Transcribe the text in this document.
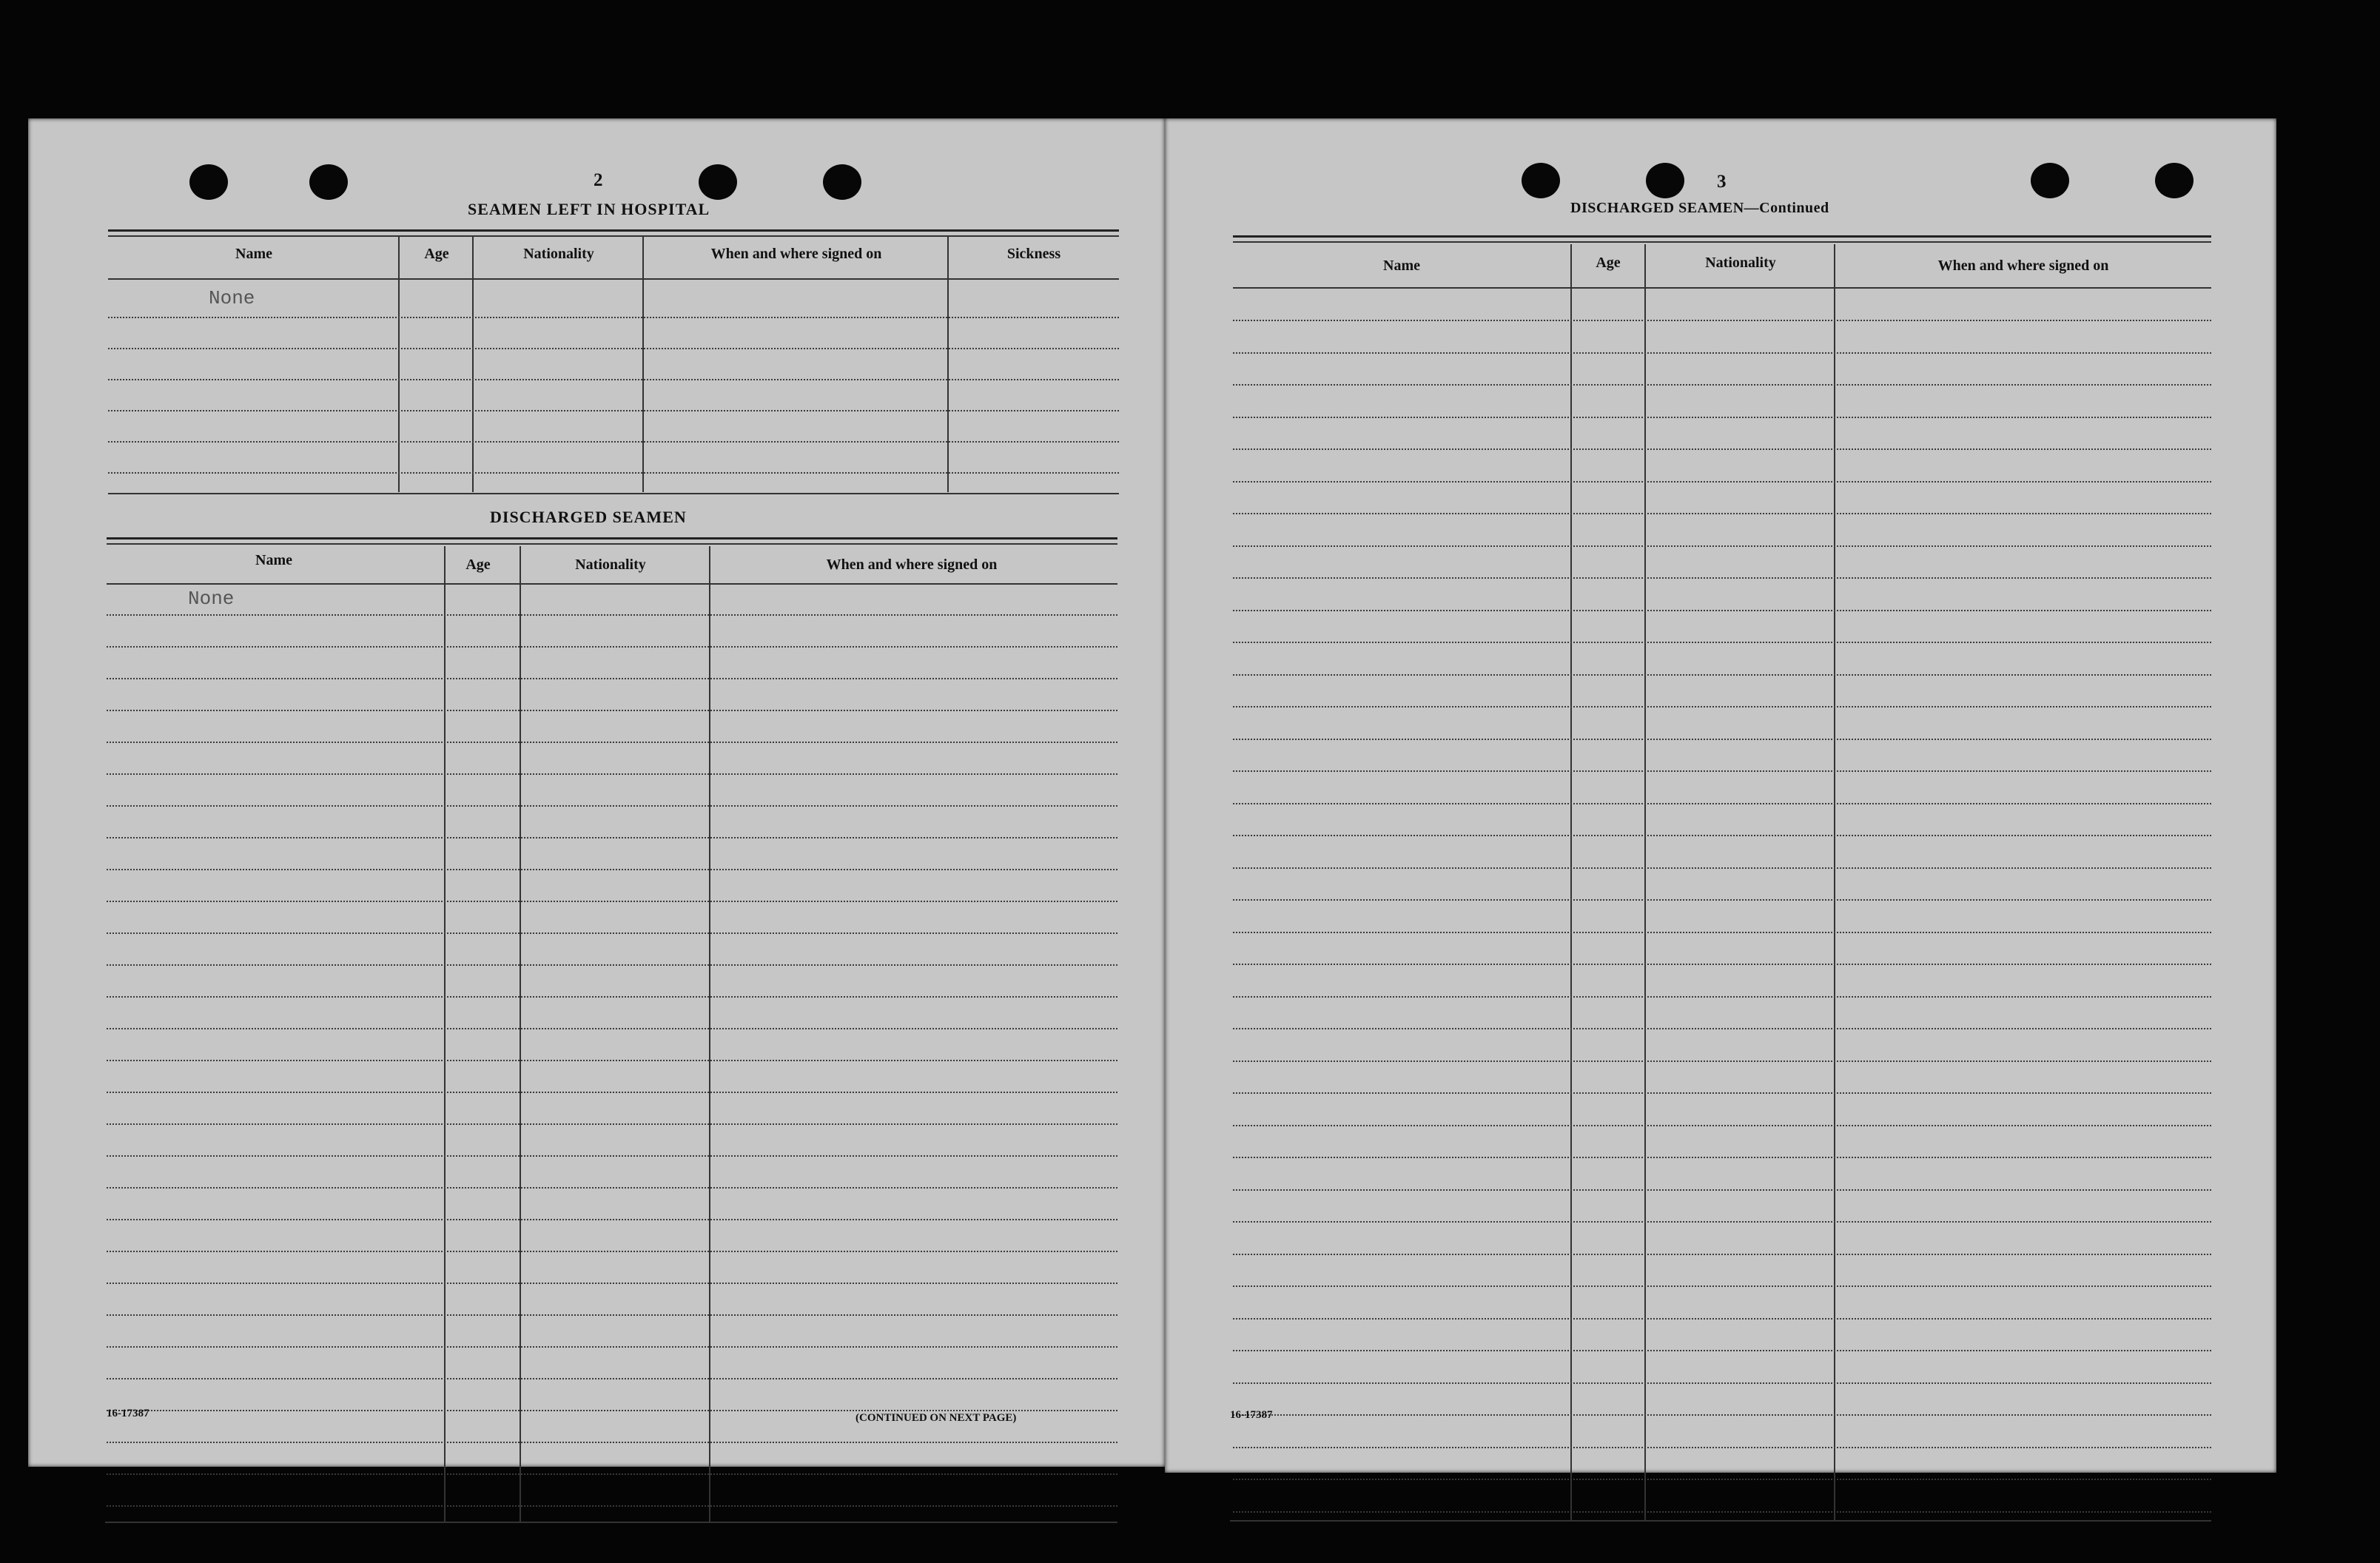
2
SEAMEN LEFT IN HOSPITAL
Name	Age	Nationality	When and where signed on	Sickness
None
DISCHARGED SEAMEN
Name	Age	Nationality	When and where signed on
None
16-17387	(CONTINUED ON NEXT PAGE)
3
DISCHARGED SEAMEN—Continued
Name	Age	Nationality	When and where signed on
16-17387
